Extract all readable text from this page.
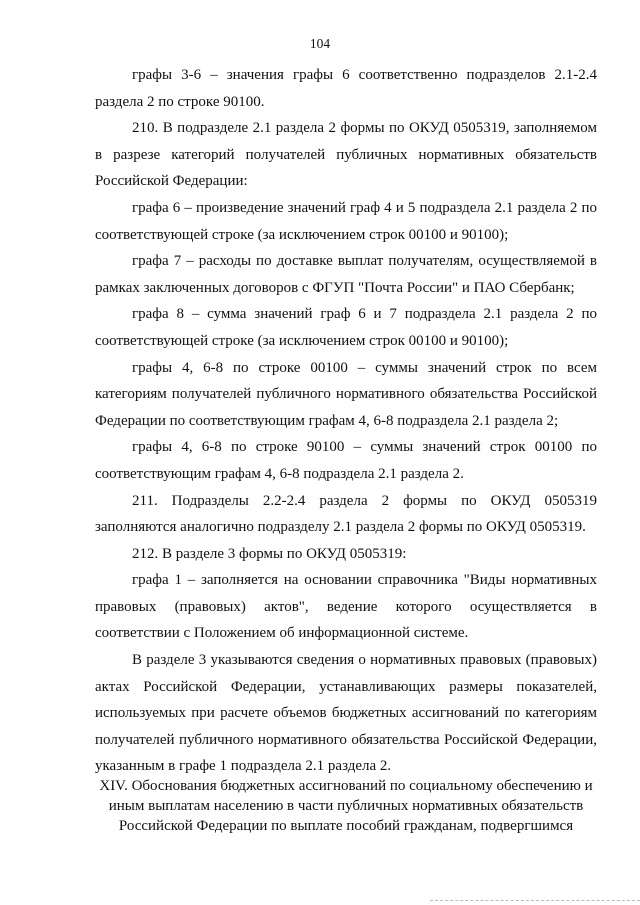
104

графы 3-6 – значения графы 6 соответственно подразделов 2.1-2.4 раздела 2 по строке 90100.

210. В подразделе 2.1 раздела 2 формы по ОКУД 0505319, заполняемом в разрезе категорий получателей публичных нормативных обязательств Российской Федерации:

графа 6 – произведение значений граф 4 и 5 подраздела 2.1 раздела 2 по соответствующей строке (за исключением строк 00100 и 90100);

графа 7 – расходы по доставке выплат получателям, осуществляемой в рамках заключенных договоров с ФГУП "Почта России" и ПАО Сбербанк;

графа 8 – сумма значений граф 6 и 7 подраздела 2.1 раздела 2 по соответствующей строке (за исключением строк 00100 и 90100);

графы 4, 6-8 по строке 00100 – суммы значений строк по всем категориям получателей публичного нормативного обязательства Российской Федерации по соответствующим графам 4, 6-8 подраздела 2.1 раздела 2;

графы 4, 6-8 по строке 90100 – суммы значений строк 00100 по соответствующим графам 4, 6-8 подраздела 2.1 раздела 2.

211. Подразделы 2.2-2.4 раздела 2 формы по ОКУД 0505319 заполняются аналогично подразделу 2.1 раздела 2 формы по ОКУД 0505319.

212. В разделе 3 формы по ОКУД 0505319:

графа 1 – заполняется на основании справочника "Виды нормативных правовых (правовых) актов", ведение которого осуществляется в соответствии с Положением об информационной системе.

В разделе 3 указываются сведения о нормативных правовых (правовых) актах Российской Федерации, устанавливающих размеры показателей, используемых при расчете объемов бюджетных ассигнований по категориям получателей публичного нормативного обязательства Российской Федерации, указанным в графе 1 подраздела 2.1 раздела 2.

XIV. Обоснования бюджетных ассигнований по социальному обеспечению и
иным выплатам населению в части публичных нормативных обязательств
Российской Федерации по выплате пособий гражданам, подвергшимся
